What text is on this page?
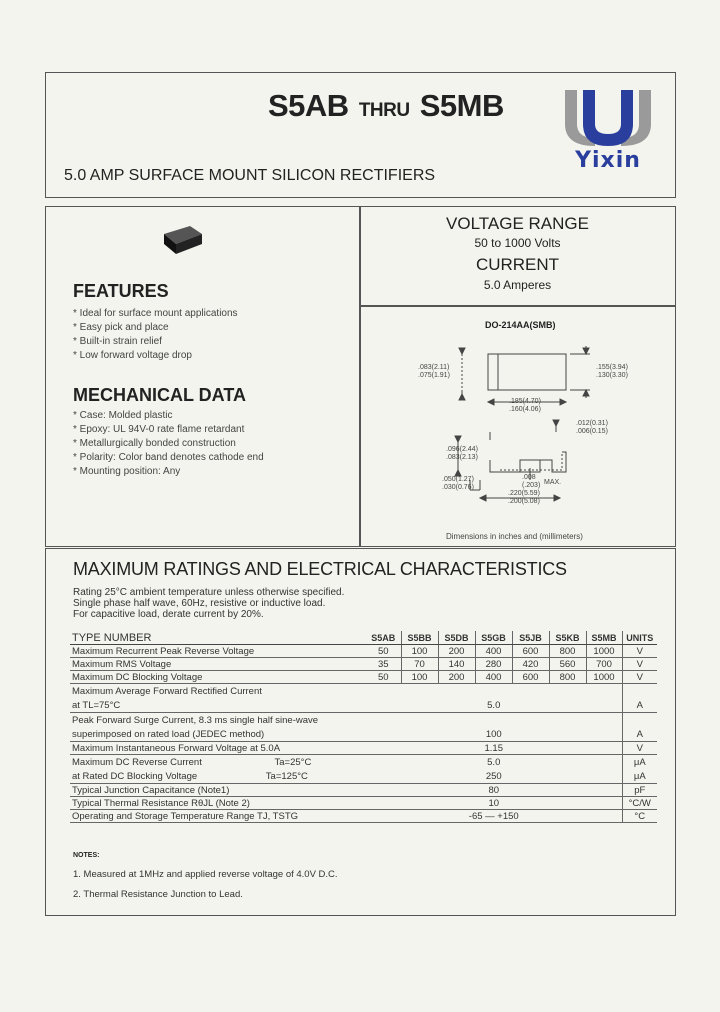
S5AB THRU S5MB
5.0 AMP SURFACE MOUNT SILICON RECTIFIERS
Yixin
FEATURES
* Ideal for surface mount applications
* Easy pick and place
* Built-in strain relief
* Low forward voltage drop
MECHANICAL DATA
* Case: Molded plastic
* Epoxy: UL 94V-0 rate flame retardant
* Metallurgically bonded construction
* Polarity: Color band denotes cathode end
* Mounting position: Any
VOLTAGE RANGE
50 to 1000 Volts
CURRENT
5.0 Amperes
DO-214AA(SMB)
.083(2.11)
.075(1.91)
.155(3.94)
.130(3.30)
.185(4.70)
.160(4.06)
.012(0.31)
.006(0.15)
.096(2.44)
.083(2.13)
.050(1.27)
.030(0.76)
.008
(.203) MAX.
.220(5.59)
.200(5.08)
Dimensions in inches and (millimeters)
MAXIMUM RATINGS AND ELECTRICAL CHARACTERISTICS
Rating 25°C ambient temperature unless otherwise specified.
Single phase half wave, 60Hz, resistive or inductive load.
For capacitive load, derate current by 20%.
TYPE NUMBER	S5AB	S5BB	S5DB	S5GB	S5JB	S5KB	S5MB	UNITS
Maximum Recurrent Peak Reverse Voltage	50	100	200	400	600	800	1000	V
Maximum RMS Voltage	35	70	140	280	420	560	700	V
Maximum DC Blocking Voltage	50	100	200	400	600	800	1000	V
Maximum Average Forward Rectified Current								
at TL=75°C	5.0							A
Peak Forward Surge Current, 8.3 ms single half sine-wave								
superimposed on rated load (JEDEC method)	100							A
Maximum Instantaneous Forward Voltage at 5.0A	1.15							V
Maximum DC Reverse Current Ta=25°C	5.0							μA
at Rated DC Blocking Voltage Ta=125°C	250							μA
Typical Junction Capacitance (Note1)	80							pF
Typical Thermal Resistance RθJL (Note 2)	10							°C/W
Operating and Storage Temperature Range TJ, TSTG	-65 — +150							°C
NOTES:
1. Measured at 1MHz and applied reverse voltage of 4.0V D.C.
2. Thermal Resistance Junction to Lead.
